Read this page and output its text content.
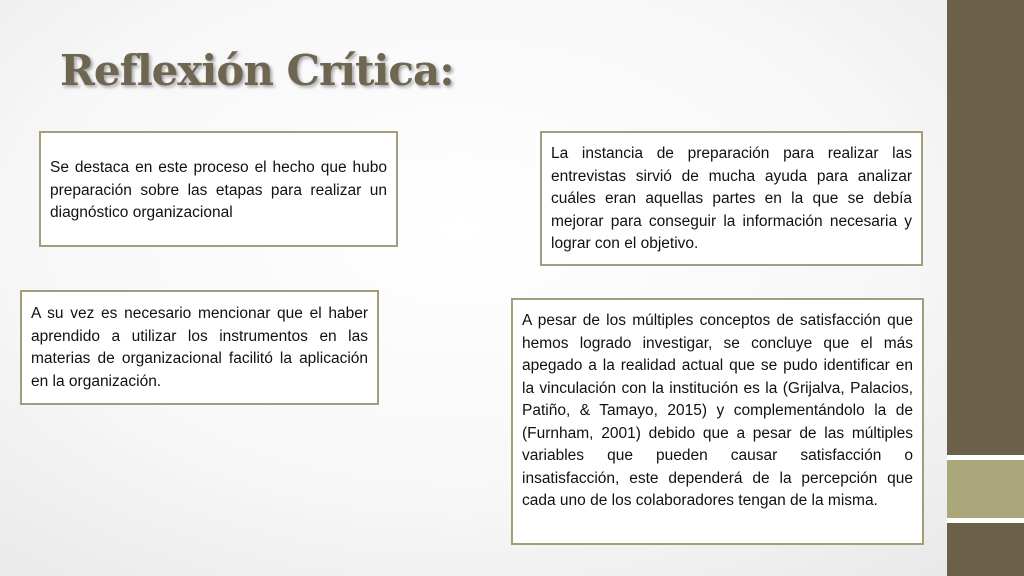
Reflexión Crítica:

Se destaca en este proceso el hecho que hubo preparación sobre las etapas para realizar un diagnóstico organizacional

La instancia de preparación para realizar las entrevistas sirvió de mucha ayuda para analizar cuáles eran aquellas partes en la que se debía mejorar para conseguir la información necesaria y lograr con el objetivo.

A su vez es necesario mencionar que el haber aprendido a utilizar los instrumentos en las materias de organizacional facilitó la aplicación en la organización.

A pesar de los múltiples conceptos de satisfacción que hemos logrado investigar, se concluye que el más apegado a la realidad actual que se pudo identificar en la vinculación con la institución es la (Grijalva, Palacios, Patiño, & Tamayo, 2015) y complementándolo la de (Furnham, 2001) debido que a pesar de las múltiples variables que pueden causar satisfacción o insatisfacción, este dependerá de la percepción que cada uno de los colaboradores tengan de la misma.
